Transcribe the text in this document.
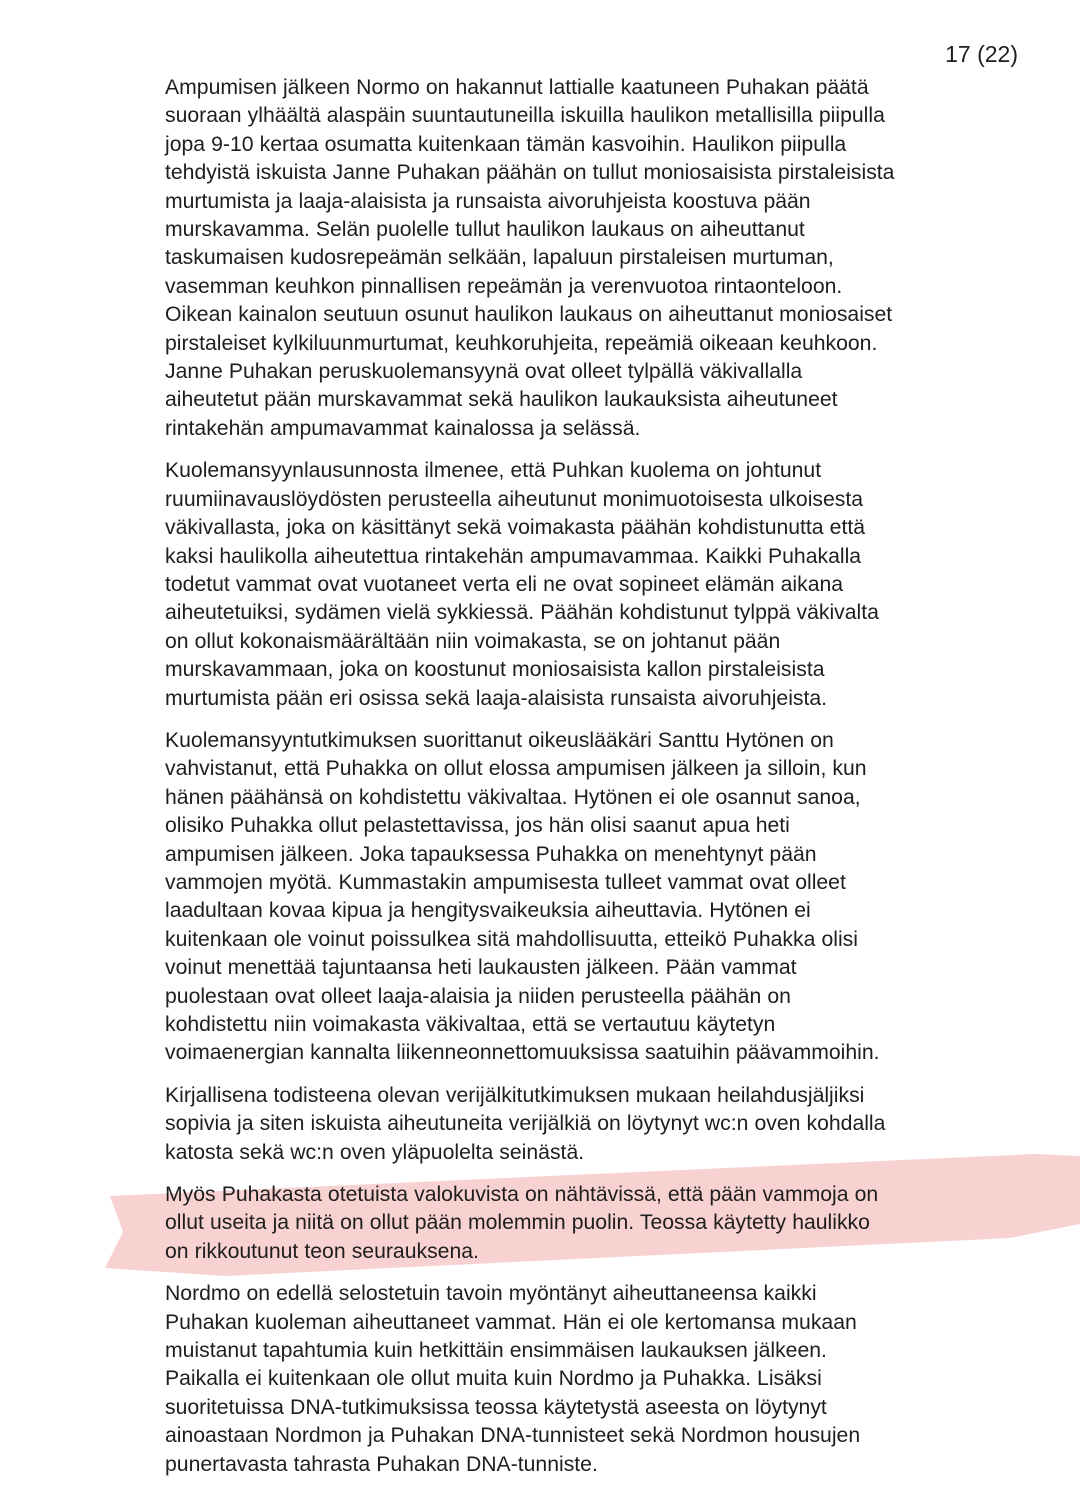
17 (22)

Ampumisen jälkeen Normo on hakannut lattialle kaatuneen Puhakan päätä
suoraan ylhäältä alaspäin suuntautuneilla iskuilla haulikon metallisilla piipulla
jopa 9-10 kertaa osumatta kuitenkaan tämän kasvoihin. Haulikon piipulla
tehdyistä iskuista Janne Puhakan päähän on tullut moniosaisista pirstaleisista
murtumista ja laaja-alaisista ja runsaista aivoruhjeista koostuva pään
murskavamma. Selän puolelle tullut haulikon laukaus on aiheuttanut
taskumaisen kudosrepeämän selkään, lapaluun pirstaleisen murtuman,
vasemman keuhkon pinnallisen repeämän ja verenvuotoa rintaonteloon.
Oikean kainalon seutuun osunut haulikon laukaus on aiheuttanut moniosaiset
pirstaleiset kylkiluunmurtumat, keuhkoruhjeita, repeämiä oikeaan keuhkoon.
Janne Puhakan peruskuolemansyynä ovat olleet tylpällä väkivallalla
aiheutetut pään murskavammat sekä haulikon laukauksista aiheutuneet
rintakehän ampumavammat kainalossa ja selässä.

Kuolemansyynlausunnosta ilmenee, että Puhkan kuolema on johtunut
ruumiinavauslöydösten perusteella aiheutunut monimuotoisesta ulkoisesta
väkivallasta, joka on käsittänyt sekä voimakasta päähän kohdistunutta että
kaksi haulikolla aiheutettua rintakehän ampumavammaa. Kaikki Puhakalla
todetut vammat ovat vuotaneet verta eli ne ovat sopineet elämän aikana
aiheutetuiksi, sydämen vielä sykkiessä. Päähän kohdistunut tylppä väkivalta
on ollut kokonaismäärältään niin voimakasta, se on johtanut pään
murskavammaan, joka on koostunut moniosaisista kallon pirstaleisista
murtumista pään eri osissa sekä laaja-alaisista runsaista aivoruhjeista.

Kuolemansyyntutkimuksen suorittanut oikeuslääkäri Santtu Hytönen on
vahvistanut, että Puhakka on ollut elossa ampumisen jälkeen ja silloin, kun
hänen päähänsä on kohdistettu väkivaltaa. Hytönen ei ole osannut sanoa,
olisiko Puhakka ollut pelastettavissa, jos hän olisi saanut apua heti
ampumisen jälkeen. Joka tapauksessa Puhakka on menehtynyt pään
vammojen myötä. Kummastakin ampumisesta tulleet vammat ovat olleet
laadultaan kovaa kipua ja hengitysvaikeuksia aiheuttavia. Hytönen ei
kuitenkaan ole voinut poissulkea sitä mahdollisuutta, etteikö Puhakka olisi
voinut menettää tajuntaansa heti laukausten jälkeen. Pään vammat
puolestaan ovat olleet laaja-alaisia ja niiden perusteella päähän on
kohdistettu niin voimakasta väkivaltaa, että se vertautuu käytetyn
voimaenergian kannalta liikenneonnettomuuksissa saatuihin päävammoihin.

Kirjallisena todisteena olevan verijälkitutkimuksen mukaan heilahdusjäljiksi
sopivia ja siten iskuista aiheutuneita verijälkiä on löytynyt wc:n oven kohdalla
katosta sekä wc:n oven yläpuolelta seinästä.

Myös Puhakasta otetuista valokuvista on nähtävissä, että pään vammoja on
ollut useita ja niitä on ollut pään molemmin puolin. Teossa käytetty haulikko
on rikkoutunut teon seurauksena.

Nordmo on edellä selostetuin tavoin myöntänyt aiheuttaneensa kaikki
Puhakan kuoleman aiheuttaneet vammat. Hän ei ole kertomansa mukaan
muistanut tapahtumia kuin hetkittäin ensimmäisen laukauksen jälkeen.
Paikalla ei kuitenkaan ole ollut muita kuin Nordmo ja Puhakka. Lisäksi
suoritetuissa DNA-tutkimuksissa teossa käytetystä aseesta on löytynyt
ainoastaan Nordmon ja Puhakan DNA-tunnisteet sekä Nordmon housujen
punertavasta tahrasta Puhakan DNA-tunniste.
